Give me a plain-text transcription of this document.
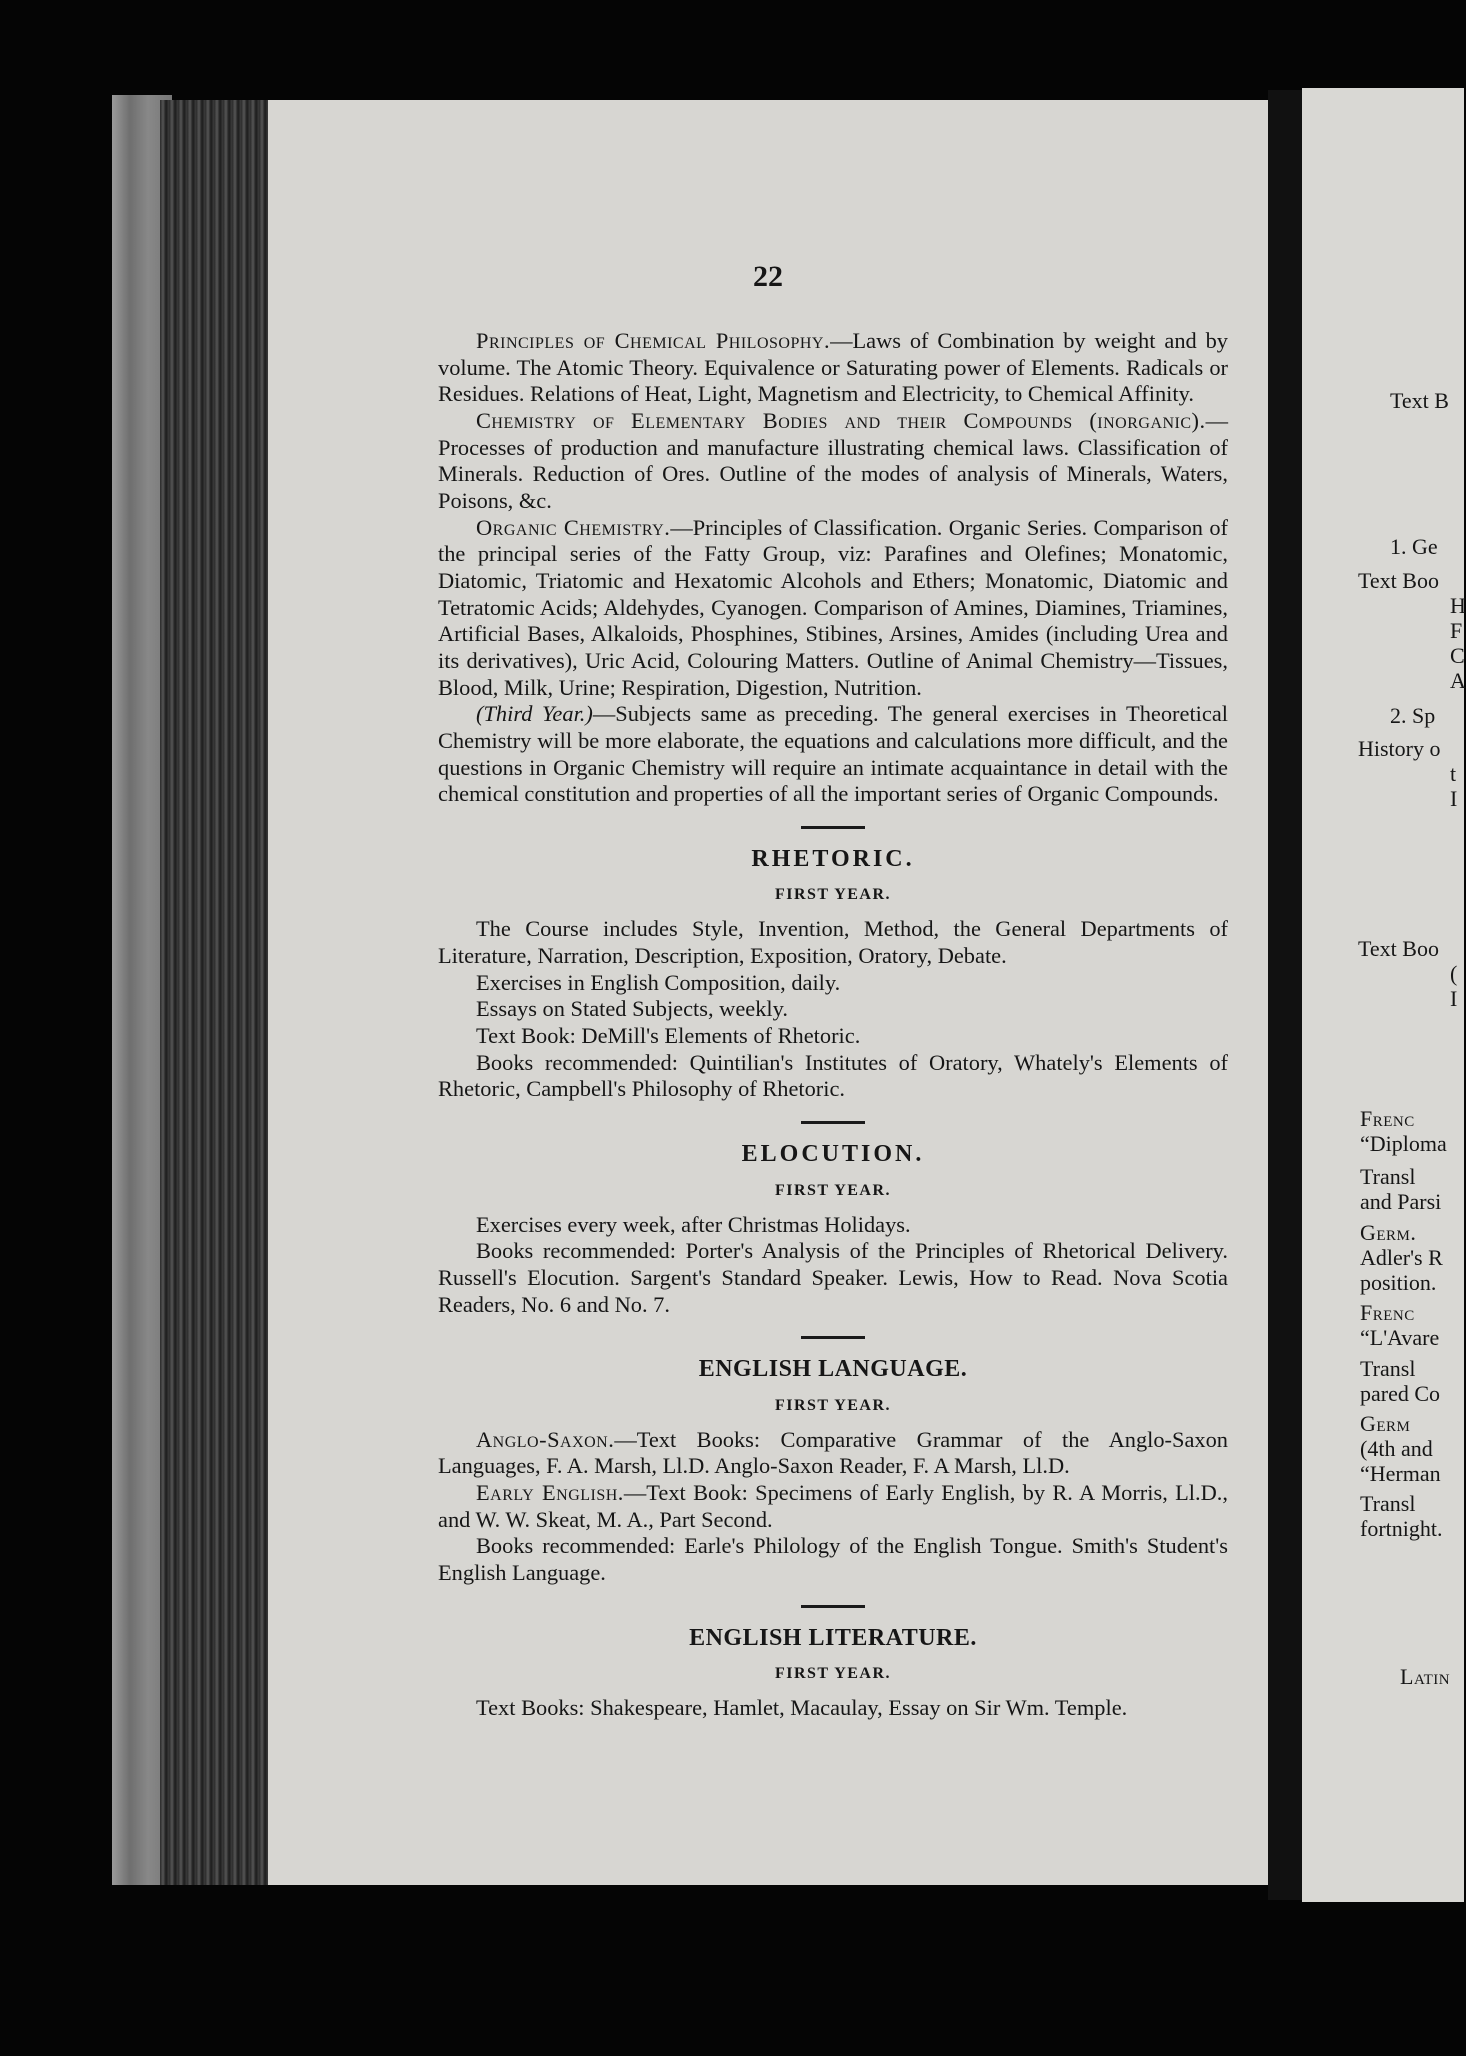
22

Principles of Chemical Philosophy.—Laws of Combination by weight and by volume. The Atomic Theory. Equivalence or Saturating power of Elements. Radicals or Residues. Relations of Heat, Light, Magnetism and Electricity, to Chemical Affinity.

Chemistry of Elementary Bodies and their Compounds (inorganic).—Processes of production and manufacture illustrating chemical laws. Classification of Minerals. Reduction of Ores. Outline of the modes of analysis of Minerals, Waters, Poisons, &c.

Organic Chemistry.—Principles of Classification. Organic Series. Comparison of the principal series of the Fatty Group, viz: Parafines and Olefines; Monatomic, Diatomic, Triatomic and Hexatomic Alcohols and Ethers; Monatomic, Diatomic and Tetratomic Acids; Aldehydes, Cyanogen. Comparison of Amines, Diamines, Triamines, Artificial Bases, Alkaloids, Phosphines, Stibines, Arsines, Amides (including Urea and its derivatives), Uric Acid, Colouring Matters. Outline of Animal Chemistry—Tissues, Blood, Milk, Urine; Respiration, Digestion, Nutrition.

(Third Year.)—Subjects same as preceding. The general exercises in Theoretical Chemistry will be more elaborate, the equations and calculations more difficult, and the questions in Organic Chemistry will require an intimate acquaintance in detail with the chemical constitution and properties of all the important series of Organic Compounds.

RHETORIC.
FIRST YEAR.

The Course includes Style, Invention, Method, the General Departments of Literature, Narration, Description, Exposition, Oratory, Debate.

Exercises in English Composition, daily.

Essays on Stated Subjects, weekly.

Text Book: DeMill's Elements of Rhetoric.

Books recommended: Quintilian's Institutes of Oratory, Whately's Elements of Rhetoric, Campbell's Philosophy of Rhetoric.

ELOCUTION.
FIRST YEAR.

Exercises every week, after Christmas Holidays.

Books recommended: Porter's Analysis of the Principles of Rhetorical Delivery. Russell's Elocution. Sargent's Standard Speaker. Lewis, How to Read. Nova Scotia Readers, No. 6 and No. 7.

ENGLISH LANGUAGE.
FIRST YEAR.

Anglo-Saxon.—Text Books: Comparative Grammar of the Anglo-Saxon Languages, F. A. Marsh, Ll.D. Anglo-Saxon Reader, F. A Marsh, Ll.D.

Early English.—Text Book: Specimens of Early English, by R. A Morris, Ll.D., and W. W. Skeat, M. A., Part Second.

Books recommended: Earle's Philology of the English Tongue. Smith's Student's English Language.

ENGLISH LITERATURE.
FIRST YEAR.

Text Books: Shakespeare, Hamlet, Macaulay, Essay on Sir Wm. Temple.

Text B
1. Ge
Text Boo
H
F
C
A
2. Sp
History o
t
I
Text Boo
(
I
Frenc
“Diploma
Transl
and Parsi
Germ.
Adler's R
position.
Frenc
“L'Avare
Transl
pared Co
Germ
(4th and
“Herman
Transl
fortnight.
Latin
